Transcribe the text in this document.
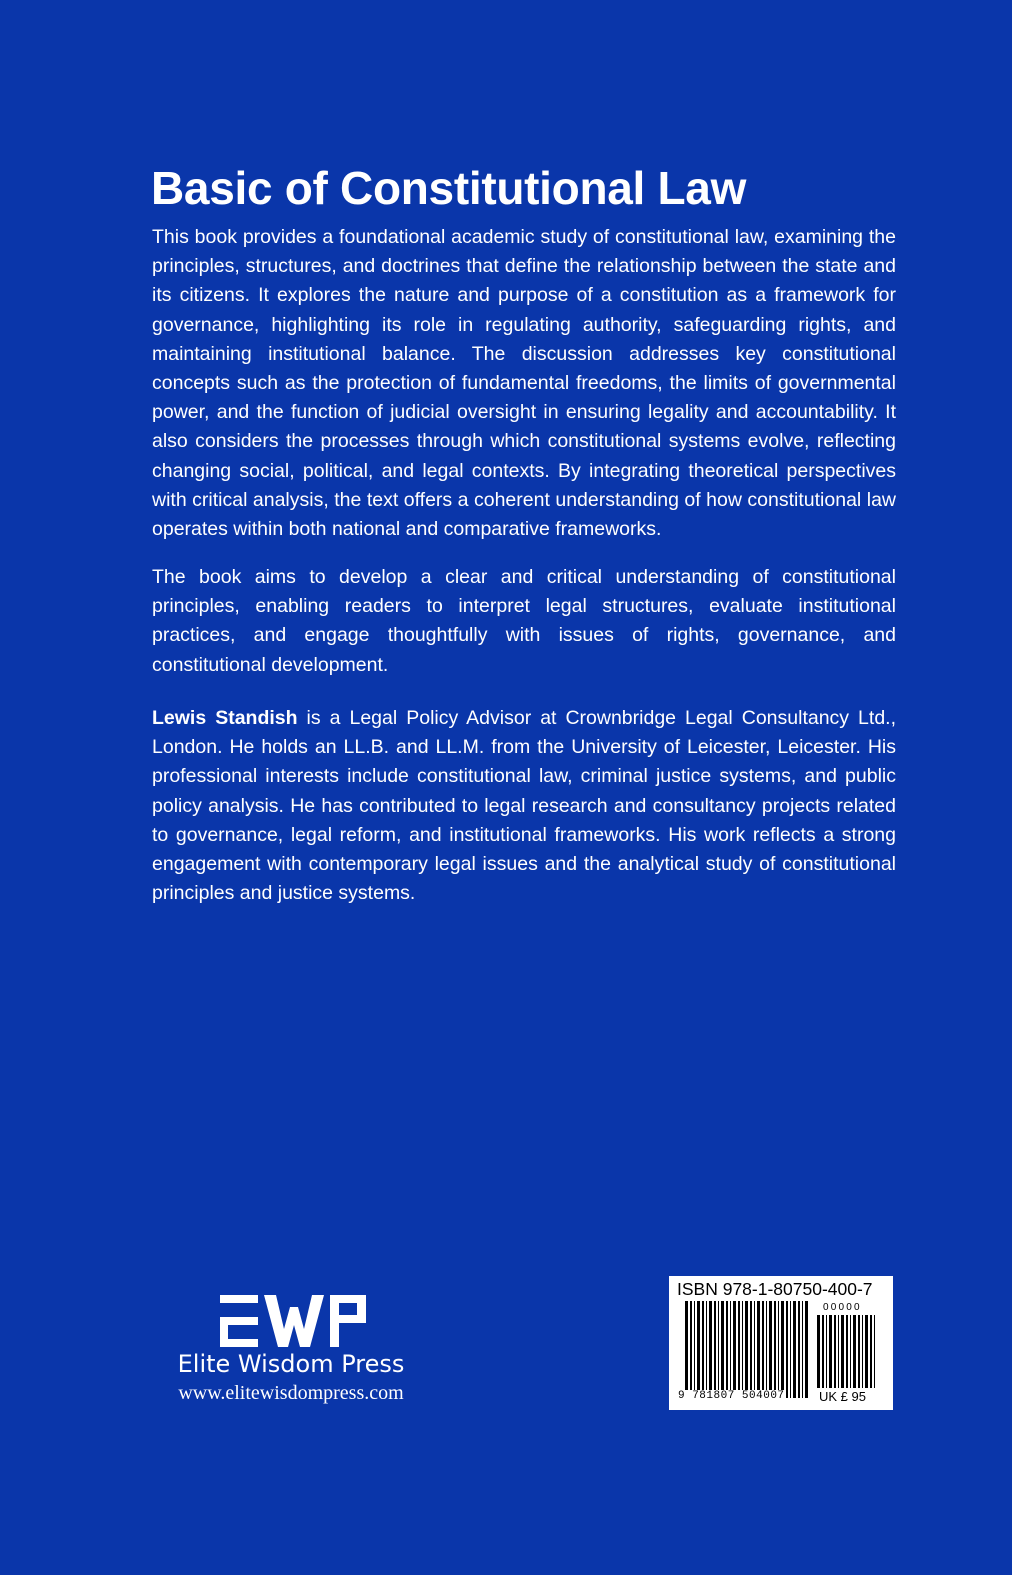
Basic of Constitutional Law

This book provides a foundational academic study of constitutional law, examining the principles, structures, and doctrines that define the relationship between the state and its citizens. It explores the nature and purpose of a constitution as a framework for governance, highlighting its role in regulating authority, safeguarding rights, and maintaining institutional balance. The discussion addresses key constitutional concepts such as the protection of fundamental freedoms, the limits of governmental power, and the function of judicial oversight in ensuring legality and accountability. It also considers the processes through which constitutional systems evolve, reflecting changing social, political, and legal contexts. By integrating theoretical perspectives with critical analysis, the text offers a coherent understanding of how constitutional law operates within both national and comparative frameworks.

The book aims to develop a clear and critical understanding of constitutional principles, enabling readers to interpret legal structures, evaluate institutional practices, and engage thoughtfully with issues of rights, governance, and constitutional development.

Lewis Standish is a Legal Policy Advisor at Crownbridge Legal Consultancy Ltd., London. He holds an LL.B. and LL.M. from the University of Leicester, Leicester. His professional interests include constitutional law, criminal justice systems, and public policy analysis. He has contributed to legal research and consultancy projects related to governance, legal reform, and institutional frameworks. His work reflects a strong engagement with contemporary legal issues and the analytical study of constitutional principles and justice systems.

Elite Wisdom Press
www.elitewisdompress.com
ISBN 978-1-80750-400-7
00000
9 781807 504007	UK £ 95
